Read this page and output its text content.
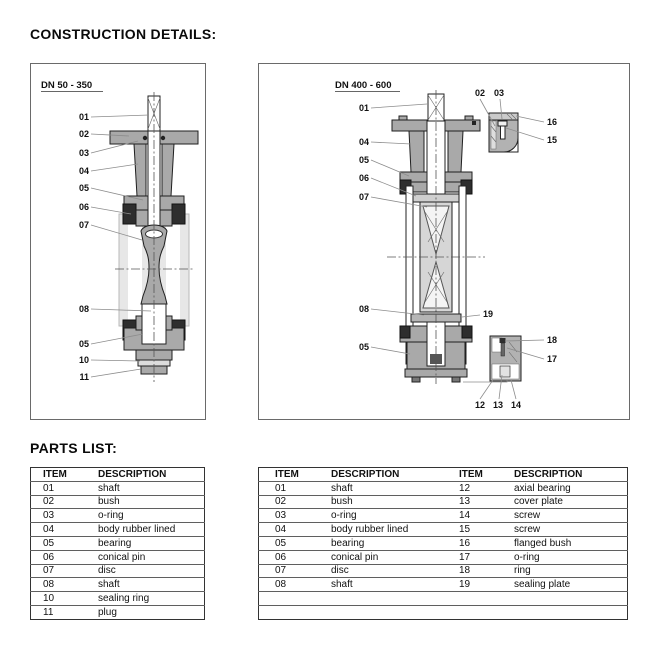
CONSTRUCTION DETAILS:
DN 50 - 350
01
02
03
04
05
06
07
08
05
10
11
DN 400 - 600
01
04
05
06
07
08
05
19
02 03
16
15
18
17
12 13 14
PARTS LIST:
ITEM	DESCRIPTION
01	shaft
02	bush
03	o-ring
04	body rubber lined
05	bearing
06	conical pin
07	disc
08	shaft
10	sealing ring
11	plug
ITEM	DESCRIPTION	ITEM	DESCRIPTION
01	shaft	12	axial bearing
02	bush	13	cover plate
03	o-ring	14	screw
04	body rubber lined	15	screw
05	bearing	16	flanged bush
06	conical pin	17	o-ring
07	disc	18	ring
08	shaft	19	sealing plate
